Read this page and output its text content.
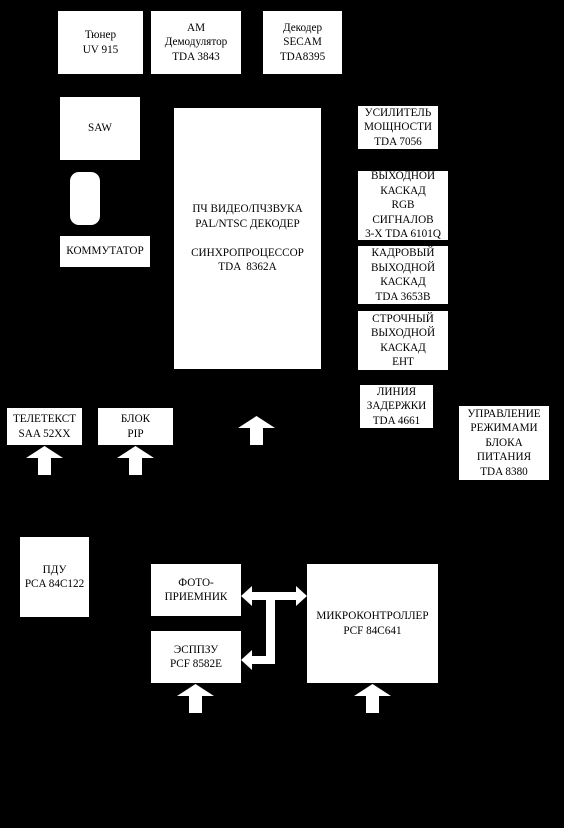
Тюнер
UV 915
AM
Демодулятор
TDA 3843
Декодер
SECAM
TDA8395
SAW
КОММУТАТОР
ПЧ ВИДЕО/ПЧЗВУКА
PAL/NTSC ДЕКОДЕР
СИНХРОПРОЦЕССОР
TDA  8362A
УСИЛИТЕЛЬ
МОЩНОСТИ
TDA 7056
ВЫХОДНОЙ
КАСКАД
RGB
СИГНАЛОВ
3-Х TDA 6101Q
КАДРОВЫЙ
ВЫХОДНОЙ
КАСКАД
TDA 3653B
СТРОЧНЫЙ
ВЫХОДНОЙ
КАСКАД
ЕНТ
ЛИНИЯ
ЗАДЕРЖКИ
TDA 4661
ТЕЛЕТЕКСТ
SAA 52XX
БЛОК
PIP
УПРАВЛЕНИЕ
РЕЖИМАМИ
БЛОКА
ПИТАНИЯ
TDA 8380
ПДУ
PCA 84C122	ФОТО-
ПРИЕМНИК
ЭСППЗУ
PCF 8582E
МИКРОКОНТРОЛЛЕР
PCF 84C641
